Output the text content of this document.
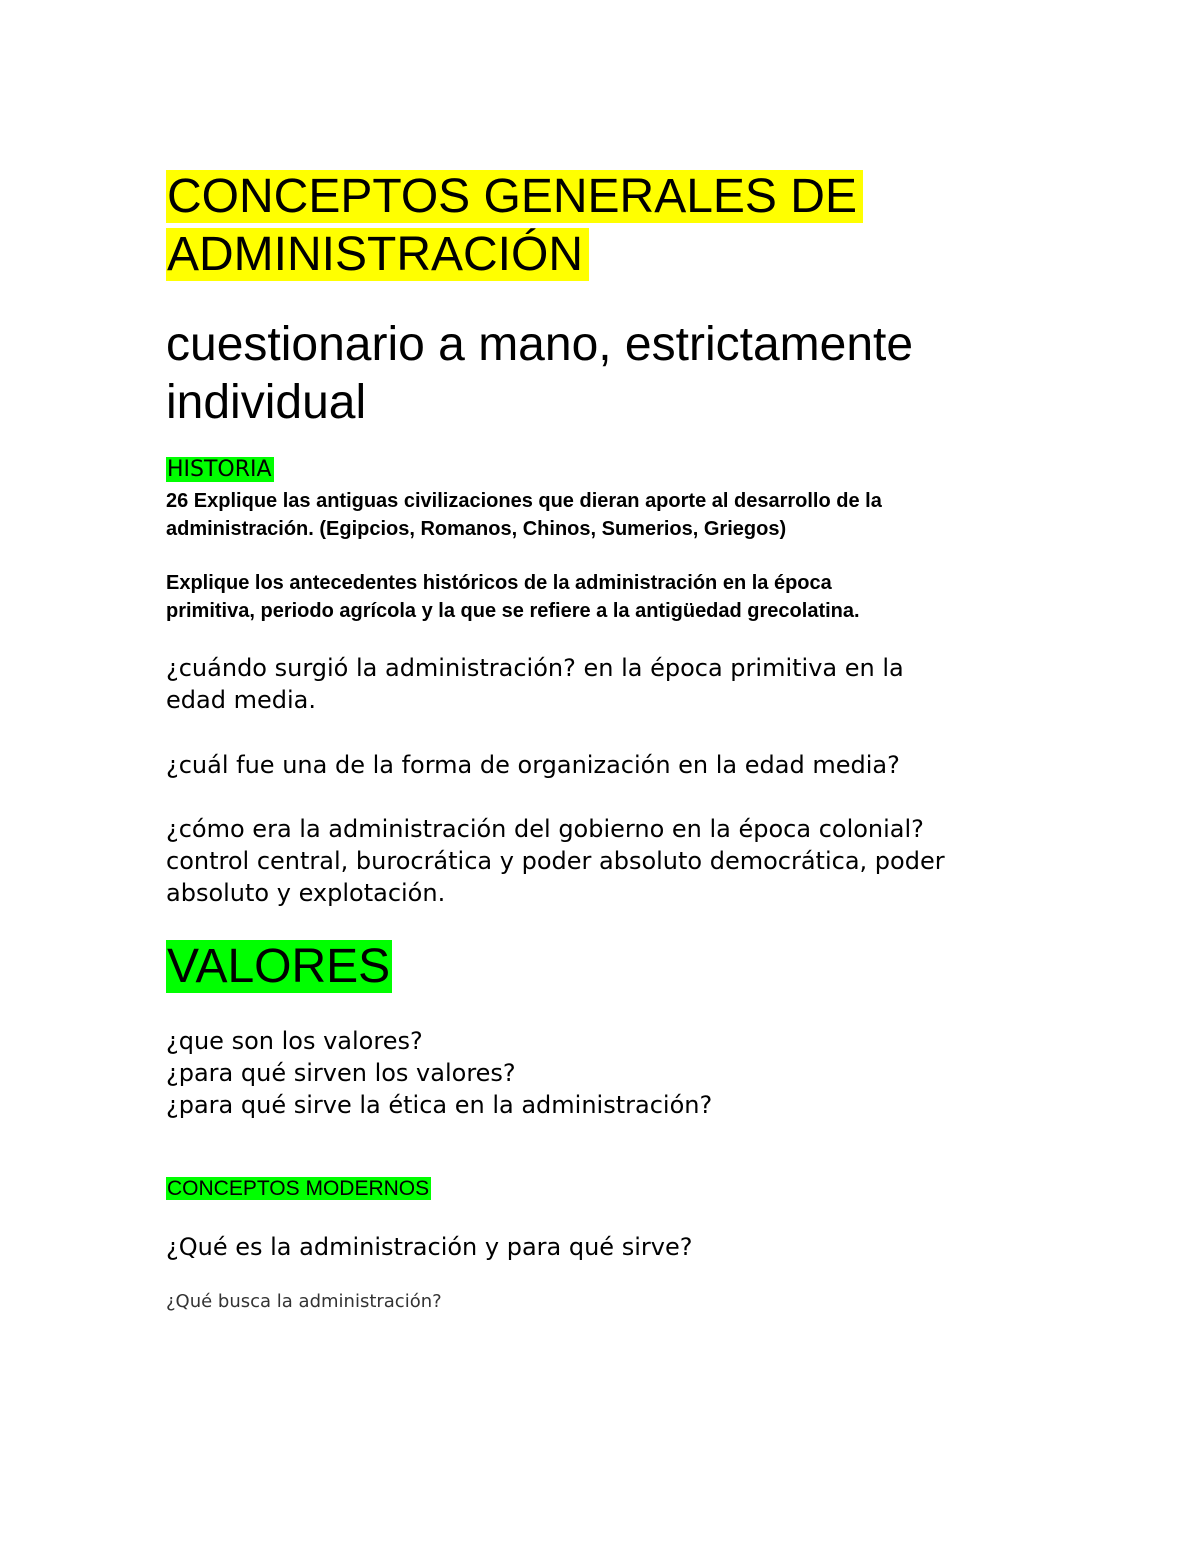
CONCEPTOS GENERALES DE
ADMINISTRACIÓN
cuestionario a mano, estrictamente
individual
HISTORIA
26 Explique las antiguas civilizaciones que dieran aporte al desarrollo de la
administración. (Egipcios, Romanos, Chinos, Sumerios, Griegos)
Explique los antecedentes históricos de la administración en la época
primitiva, periodo agrícola y la que se refiere a la antigüedad grecolatina.
¿cuándo surgió la administración? en la época primitiva en la
edad media.
¿cuál fue una de la forma de organización en la edad media?
¿cómo era la administración del gobierno en la época colonial?
control central, burocrática y poder absoluto democrática, poder
absoluto y explotación.
VALORES
¿que son los valores?
¿para qué sirven los valores?
¿para qué sirve la ética en la administración?
CONCEPTOS MODERNOS
¿Qué es la administración y para qué sirve?
¿Qué busca la administración?
